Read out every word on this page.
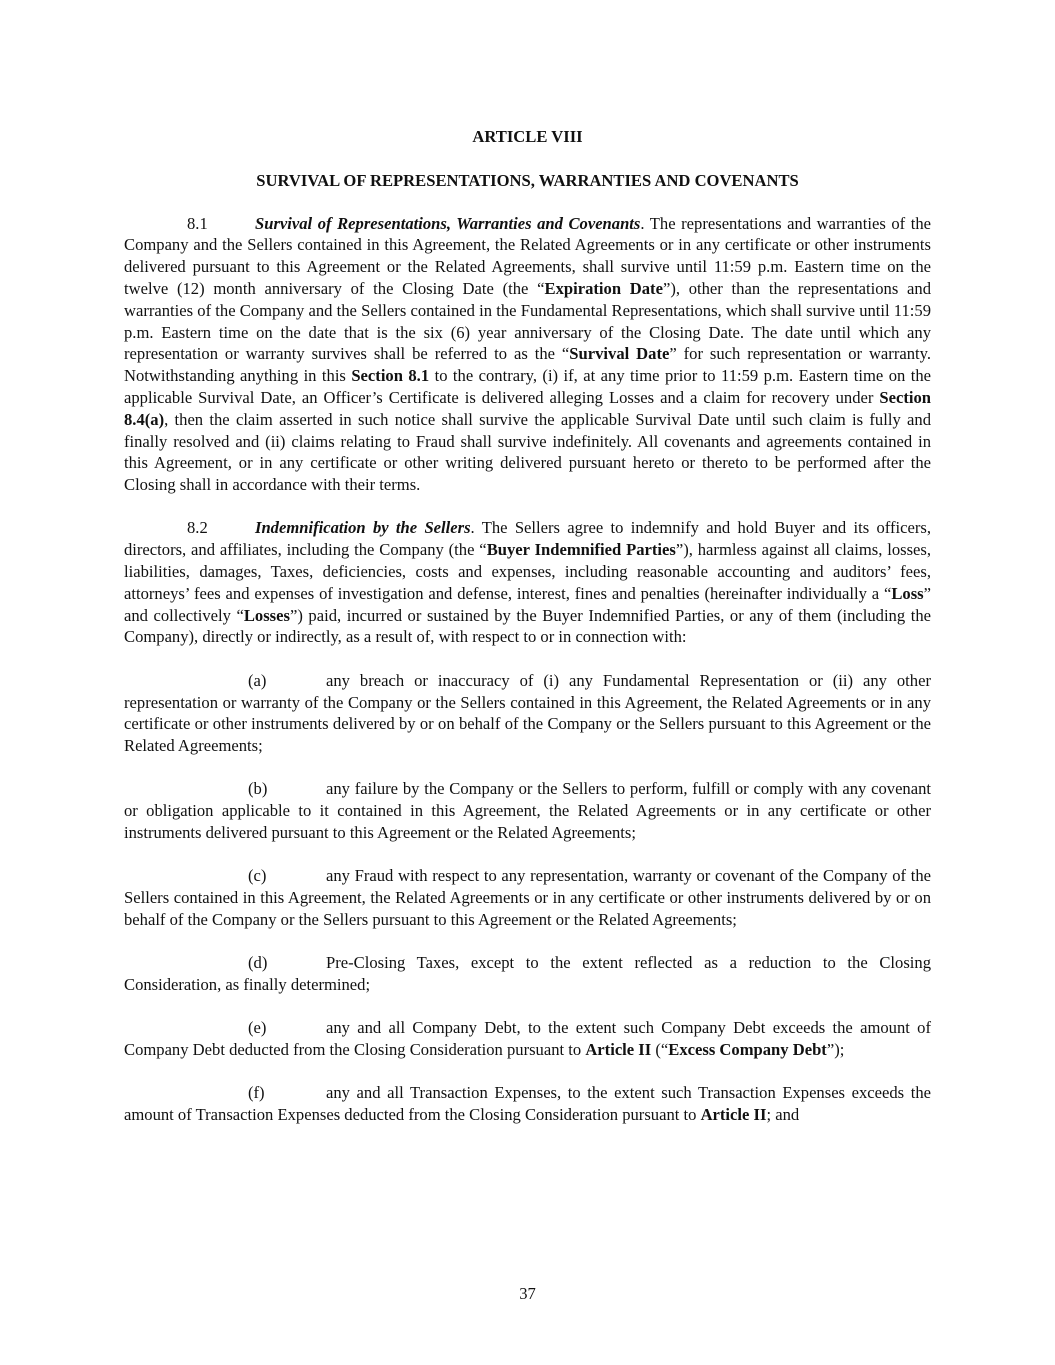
ARTICLE VIII

SURVIVAL OF REPRESENTATIONS, WARRANTIES AND COVENANTS

8.1	Survival of Representations, Warranties and Covenants. The representations and warranties of the Company and the Sellers contained in this Agreement, the Related Agreements or in any certificate or other instruments delivered pursuant to this Agreement or the Related Agreements, shall survive until 11:59 p.m. Eastern time on the twelve (12) month anniversary of the Closing Date (the “Expiration Date”), other than the representations and warranties of the Company and the Sellers contained in the Fundamental Representations, which shall survive until 11:59 p.m. Eastern time on the date that is the six (6) year anniversary of the Closing Date. The date until which any representation or warranty survives shall be referred to as the “Survival Date” for such representation or warranty. Notwithstanding anything in this Section 8.1 to the contrary, (i) if, at any time prior to 11:59 p.m. Eastern time on the applicable Survival Date, an Officer’s Certificate is delivered alleging Losses and a claim for recovery under Section 8.4(a), then the claim asserted in such notice shall survive the applicable Survival Date until such claim is fully and finally resolved and (ii) claims relating to Fraud shall survive indefinitely. All covenants and agreements contained in this Agreement, or in any certificate or other writing delivered pursuant hereto or thereto to be performed after the Closing shall in accordance with their terms.

8.2	Indemnification by the Sellers. The Sellers agree to indemnify and hold Buyer and its officers, directors, and affiliates, including the Company (the “Buyer Indemnified Parties”), harmless against all claims, losses, liabilities, damages, Taxes, deficiencies, costs and expenses, including reasonable accounting and auditors’ fees, attorneys’ fees and expenses of investigation and defense, interest, fines and penalties (hereinafter individually a “Loss” and collectively “Losses”) paid, incurred or sustained by the Buyer Indemnified Parties, or any of them (including the Company), directly or indirectly, as a result of, with respect to or in connection with:

(a)	any breach or inaccuracy of (i) any Fundamental Representation or (ii) any other representation or warranty of the Company or the Sellers contained in this Agreement, the Related Agreements or in any certificate or other instruments delivered by or on behalf of the Company or the Sellers pursuant to this Agreement or the Related Agreements;

(b)	any failure by the Company or the Sellers to perform, fulfill or comply with any covenant or obligation applicable to it contained in this Agreement, the Related Agreements or in any certificate or other instruments delivered pursuant to this Agreement or the Related Agreements;

(c)	any Fraud with respect to any representation, warranty or covenant of the Company of the Sellers contained in this Agreement, the Related Agreements or in any certificate or other instruments delivered by or on behalf of the Company or the Sellers pursuant to this Agreement or the Related Agreements;

(d)	Pre-Closing Taxes, except to the extent reflected as a reduction to the Closing Consideration, as finally determined;

(e)	any and all Company Debt, to the extent such Company Debt exceeds the amount of Company Debt deducted from the Closing Consideration pursuant to Article II (“Excess Company Debt”);

(f)	any and all Transaction Expenses, to the extent such Transaction Expenses exceeds the amount of Transaction Expenses deducted from the Closing Consideration pursuant to Article II; and

37
